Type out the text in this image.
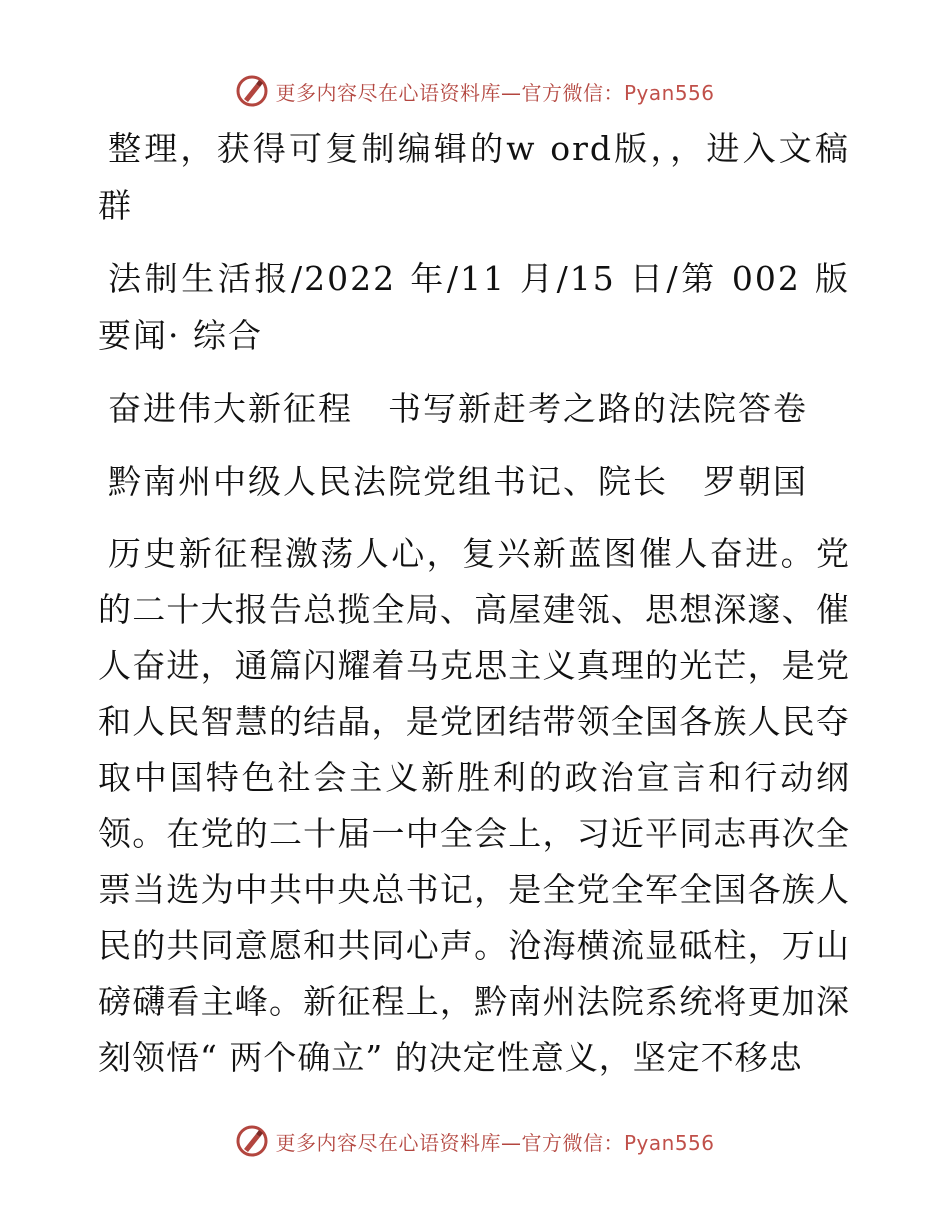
更多内容尽在心语资料库—官方微信：Pyan556

整理，获得可复制编辑的w ord版，，进入文稿群

法制生活报/2022 年/11 月/15 日/第 002 版要闻· 综合

奋进伟大新征程　书写新赶考之路的法院答卷

黔南州中级人民法院党组书记、院长　罗朝国

历史新征程激荡人心，复兴新蓝图催人奋进。党的二十大报告总揽全局、高屋建瓴、思想深邃、催人奋进，通篇闪耀着马克思主义真理的光芒，是党和人民智慧的结晶，是党团结带领全国各族人民夺取中国特色社会主义新胜利的政治宣言和行动纲领。在党的二十届一中全会上，习近平同志再次全票当选为中共中央总书记，是全党全军全国各族人民的共同意愿和共同心声。沧海横流显砥柱，万山磅礴看主峰。新征程上，黔南州法院系统将更加深刻领悟“ 两个确立” 的决定性意义，坚定不移忠

更多内容尽在心语资料库—官方微信：Pyan556
